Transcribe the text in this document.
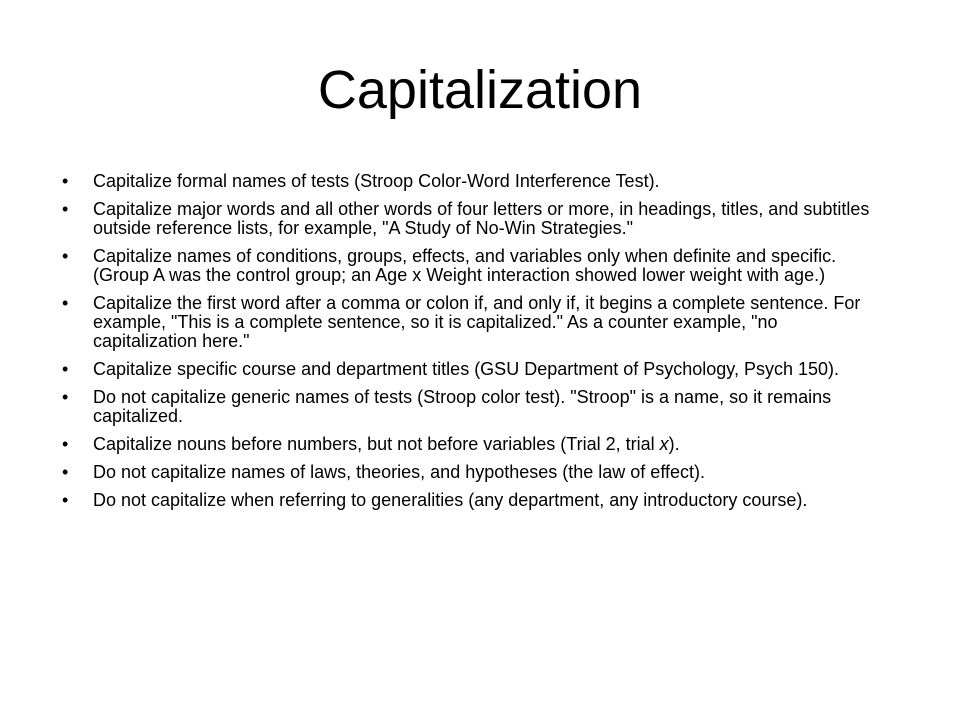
Capitalization
• Capitalize formal names of tests (Stroop Color-Word Interference Test).
• Capitalize major words and all other words of four letters or more, in headings, titles, and subtitles outside reference lists, for example, "A Study of No-Win Strategies."
• Capitalize names of conditions, groups, effects, and variables only when definite and specific. (Group A was the control group; an Age x Weight interaction showed lower weight with age.)
• Capitalize the first word after a comma or colon if, and only if, it begins a complete sentence. For example, "This is a complete sentence, so it is capitalized." As a counter example, "no capitalization here."
• Capitalize specific course and department titles (GSU Department of Psychology, Psych 150).
• Do not capitalize generic names of tests (Stroop color test). "Stroop" is a name, so it remains capitalized.
• Capitalize nouns before numbers, but not before variables (Trial 2, trial x).
• Do not capitalize names of laws, theories, and hypotheses (the law of effect).
• Do not capitalize when referring to generalities (any department, any introductory course).
